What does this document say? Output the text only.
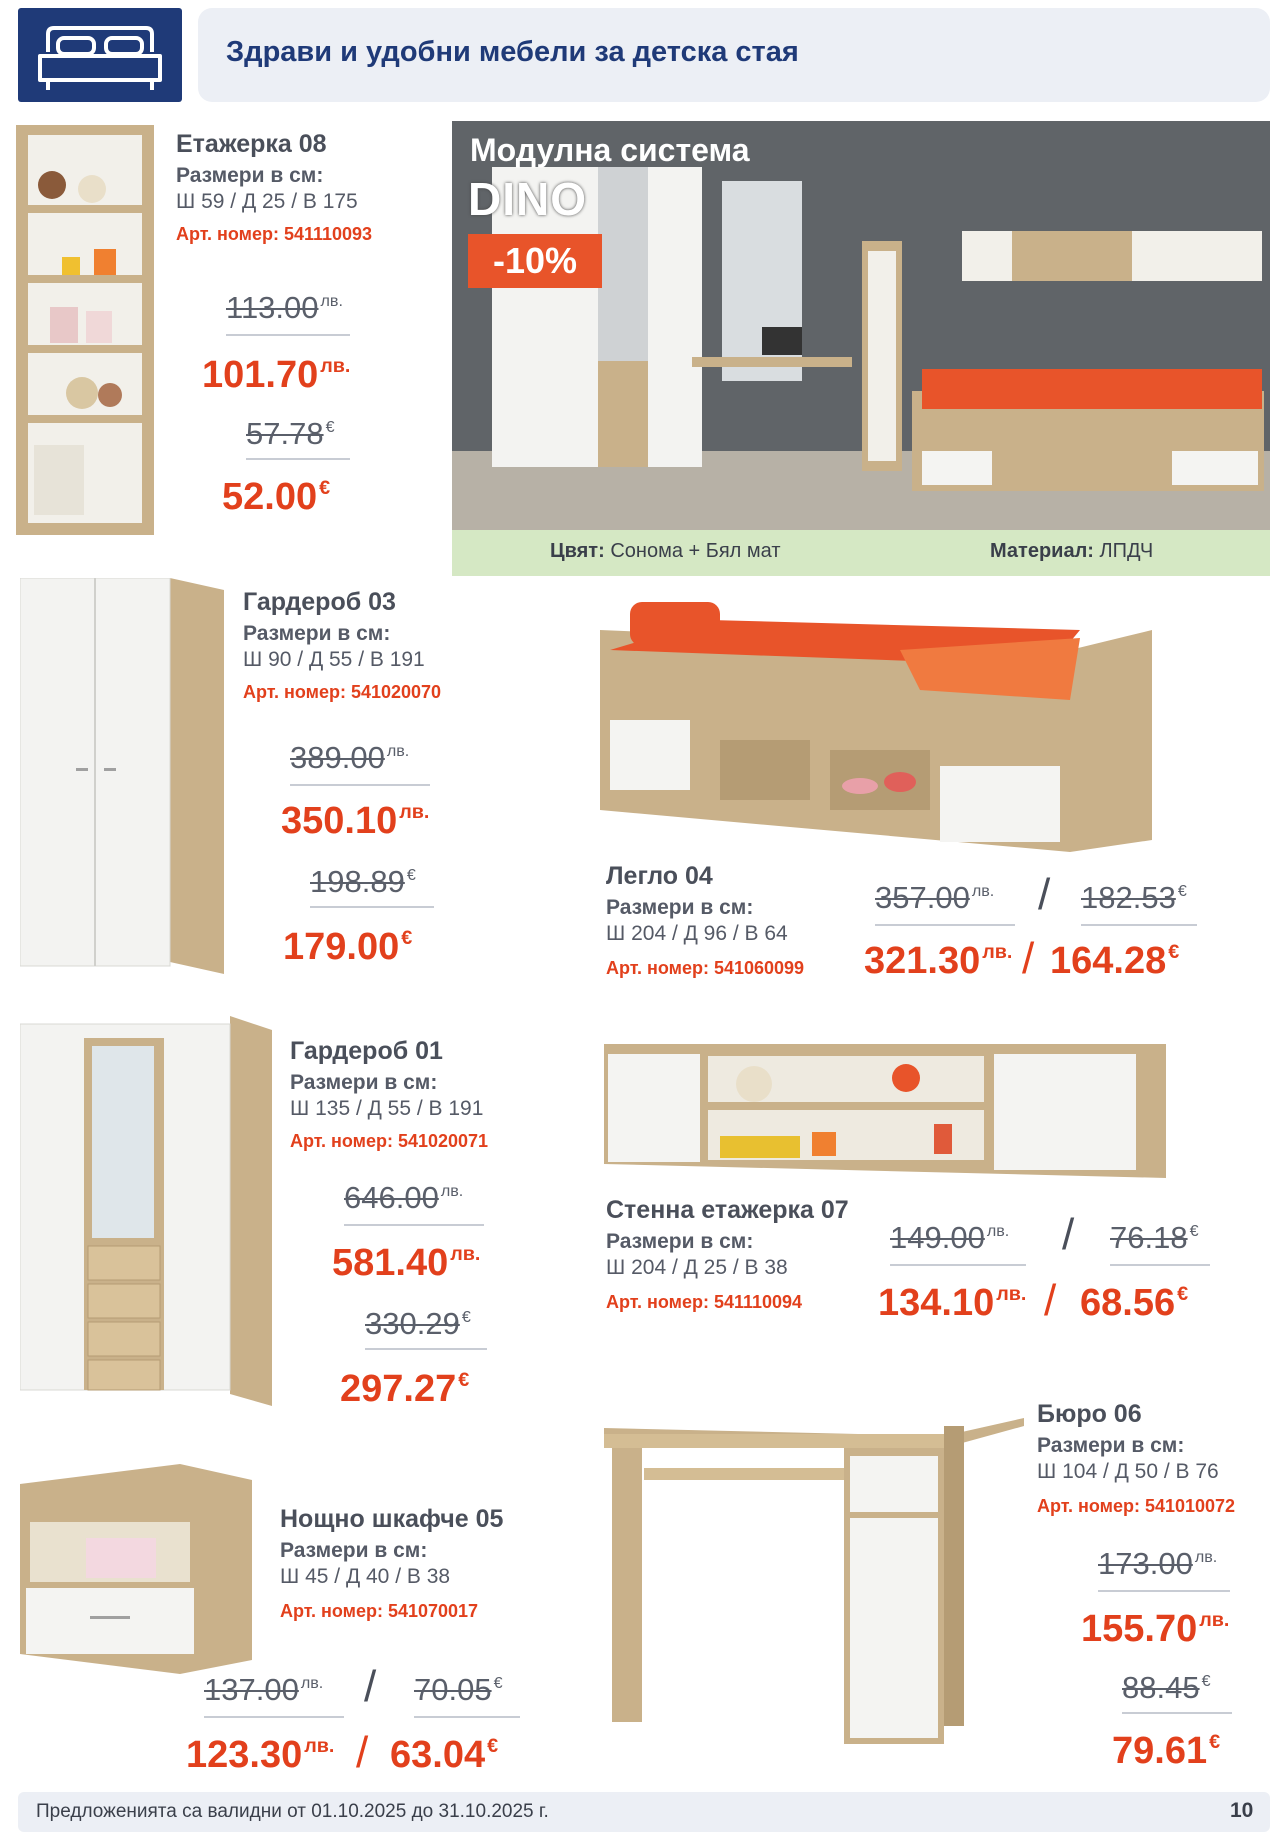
Здрави и удобни мебели за детска стая
Етажерка 08
Размери в см:
Ш 59 / Д 25 / В 175
Арт. номер: 541110093
113.00 лв.
101.70 лв.
57.78 €
52.00 €
Модулна система
DINO
-10%
Цвят: Сонома + Бял мат	Материал: ЛПДЧ
Гардероб 03
Размери в см:
Ш 90 / Д 55 / В 191
Арт. номер: 541020070
389.00 лв.
350.10 лв.
198.89 €
179.00 €
Легло 04
Размери в см:
Ш 204 / Д 96 / В 64
Арт. номер: 541060099
357.00 лв. / 182.53 €
321.30 лв. / 164.28 €
Гардероб 01
Размери в см:
Ш 135 / Д 55 / В 191
Арт. номер: 541020071
646.00 лв.
581.40 лв.
330.29 €
297.27 €
Стенна етажерка 07
Размери в см:
Ш 204 / Д 25 / В 38
Арт. номер: 541110094
149.00 лв. / 76.18 €
134.10 лв. / 68.56 €
Бюро 06
Размери в см:
Ш 104 / Д 50 / В 76
Арт. номер: 541010072
173.00 лв.
155.70 лв.
88.45 €
79.61 €
Нощно шкафче 05
Размери в см:
Ш 45 / Д 40 / В 38
Арт. номер: 541070017
137.00 лв. / 70.05 €
123.30 лв. / 63.04 €
Предложенията са валидни от 01.10.2025 до 31.10.2025 г.	10
